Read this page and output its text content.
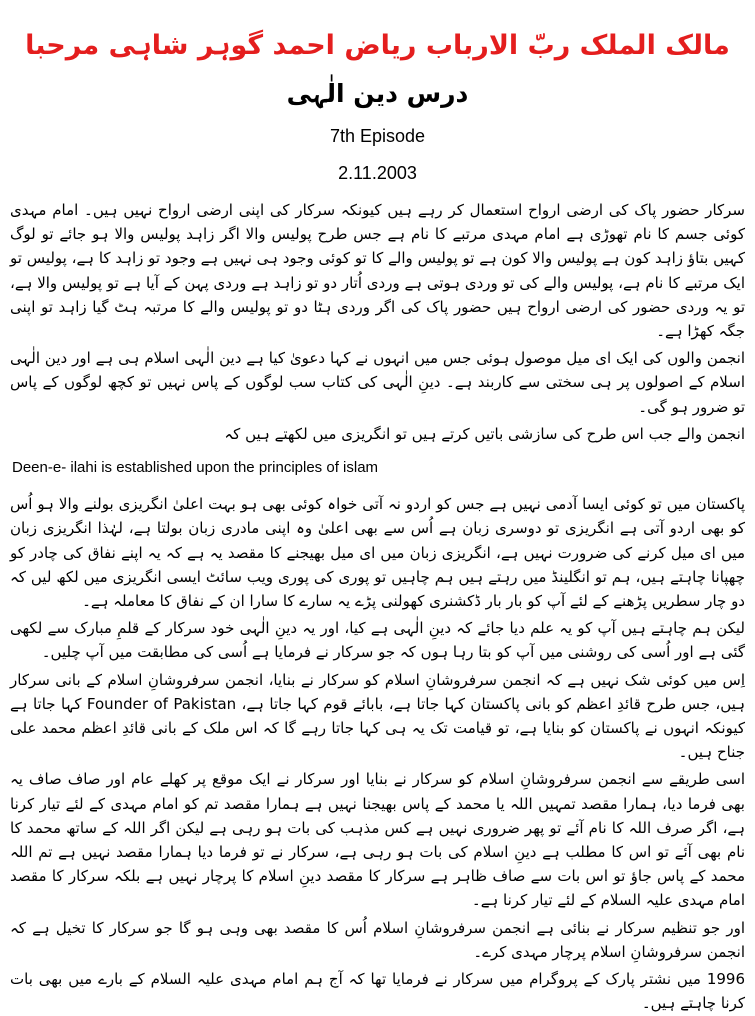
مالک الملک ربّ الارباب ریاض احمد گوہر شاہی مرحبا
درس دین الٰہی
7th Episode
2.11.2003

سرکار حضور پاک کی ارضی ارواح استعمال کر رہے ہیں کیونکہ سرکار کی اپنی ارضی ارواح نہیں ہیں۔ امام مہدی کوئی جسم کا نام تھوڑی ہے امام مہدی مرتبے کا نام ہے جس طرح پولیس والا اگر زاہد پولیس والا ہو جائے تو لوگ کہیں بتاؤ زاہد کون ہے پولیس والا کون ہے تو پولیس والے کا تو کوئی وجود ہی نہیں ہے وجود تو زاہد کا ہے، پولیس تو ایک مرتبے کا نام ہے، پولیس والے کی تو وردی ہوتی ہے وردی اُتار دو تو زاہد ہے وردی پہن کے آیا ہے تو پولیس والا ہے، تو یہ وردی حضور کی ارضی ارواح ہیں حضور پاک کی اگر وردی ہٹا دو تو پولیس والے کا مرتبہ ہٹ گیا زاہد تو اپنی جگہ کھڑا ہے۔

انجمن والوں کی ایک ای میل موصول ہوئی جس میں انہوں نے کہا دعویٰ کیا ہے دین الٰہی اسلام ہی ہے اور دین الٰہی اسلام کے اصولوں پر ہی سختی سے کاربند ہے۔ دینِ الٰہی کی کتاب سب لوگوں کے پاس نہیں تو کچھ لوگوں کے پاس تو ضرور ہو گی۔

انجمن والے جب اس طرح کی سازشی باتیں کرتے ہیں تو انگریزی میں لکھتے ہیں کہ

Deen-e- ilahi is established upon the principles of islam

پاکستان میں تو کوئی ایسا آدمی نہیں ہے جس کو اردو نہ آتی خواہ کوئی بھی ہو بہت اعلیٰ انگریزی بولنے والا ہو اُس کو بھی اردو آتی ہے انگریزی تو دوسری زبان ہے اُس سے بھی اعلیٰ وہ اپنی مادری زبان بولتا ہے، لہٰذا انگریزی زبان میں ای میل کرنے کی ضرورت نہیں ہے، انگریزی زبان میں ای میل بھیجنے کا مقصد یہ ہے کہ یہ اپنے نفاق کی چادر کو چھپانا چاہتے ہیں، ہم تو انگلینڈ میں رہتے ہیں ہم چاہیں تو پوری کی پوری ویب سائٹ ایسی انگریزی میں لکھ لیں کہ دو چار سطریں پڑھنے کے لئے آپ کو بار بار ڈکشنری کھولنی پڑے یہ سارے کا سارا ان کے نفاق کا معاملہ ہے۔

لیکن ہم چاہتے ہیں آپ کو یہ علم دیا جائے کہ دینِ الٰہی ہے کیا، اور یہ دینِ الٰہی خود سرکار کے قلمِ مبارک سے لکھی گئی ہے اور اُسی کی روشنی میں آپ کو بتا رہا ہوں کہ جو سرکار نے فرمایا ہے اُسی کی مطابقت میں آپ چلیں۔

اِس میں کوئی شک نہیں ہے کہ انجمن سرفروشانِ اسلام کو سرکار نے بنایا، انجمن سرفروشانِ اسلام کے بانی سرکار ہیں، جس طرح قائدِ اعظم کو بانی پاکستان کہا جاتا ہے، بابائے قوم کہا جاتا ہے، Founder of Pakistan کہا جاتا ہے کیونکہ انہوں نے پاکستان کو بنایا ہے، تو قیامت تک یہ ہی کہا جاتا رہے گا کہ اس ملک کے بانی قائدِ اعظم محمد علی جناح ہیں۔

اسی طریقے سے انجمن سرفروشانِ اسلام کو سرکار نے بنایا اور سرکار نے ایک موقع پر کھلے عام اور صاف صاف یہ بھی فرما دیا، ہمارا مقصد تمہیں اللہ یا محمد کے پاس بھیجنا نہیں ہے ہمارا مقصد تم کو امام مہدی کے لئے تیار کرنا ہے، اگر صرف اللہ کا نام آئے تو پھر ضروری نہیں ہے کس مذہب کی بات ہو رہی ہے لیکن اگر اللہ کے ساتھ محمد کا نام بھی آئے تو اس کا مطلب ہے دینِ اسلام کی بات ہو رہی ہے، سرکار نے تو فرما دیا ہمارا مقصد نہیں ہے تم اللہ محمد کے پاس جاؤ تو اس بات سے صاف ظاہر ہے سرکار کا مقصد دینِ اسلام کا پرچار نہیں ہے بلکہ سرکار کا مقصد امام مہدی علیہ السلام کے لئے تیار کرنا ہے۔

اور جو تنظیم سرکار نے بنائی ہے انجمن سرفروشانِ اسلام اُس کا مقصد بھی وہی ہو گا جو سرکار کا تخیل ہے کہ انجمن سرفروشانِ اسلام پرچار مہدی کرے۔

1996 میں نشتر پارک کے پروگرام میں سرکار نے فرمایا تھا کہ آج ہم امام مہدی علیہ السلام کے بارے میں بھی بات کرنا چاہتے ہیں۔
